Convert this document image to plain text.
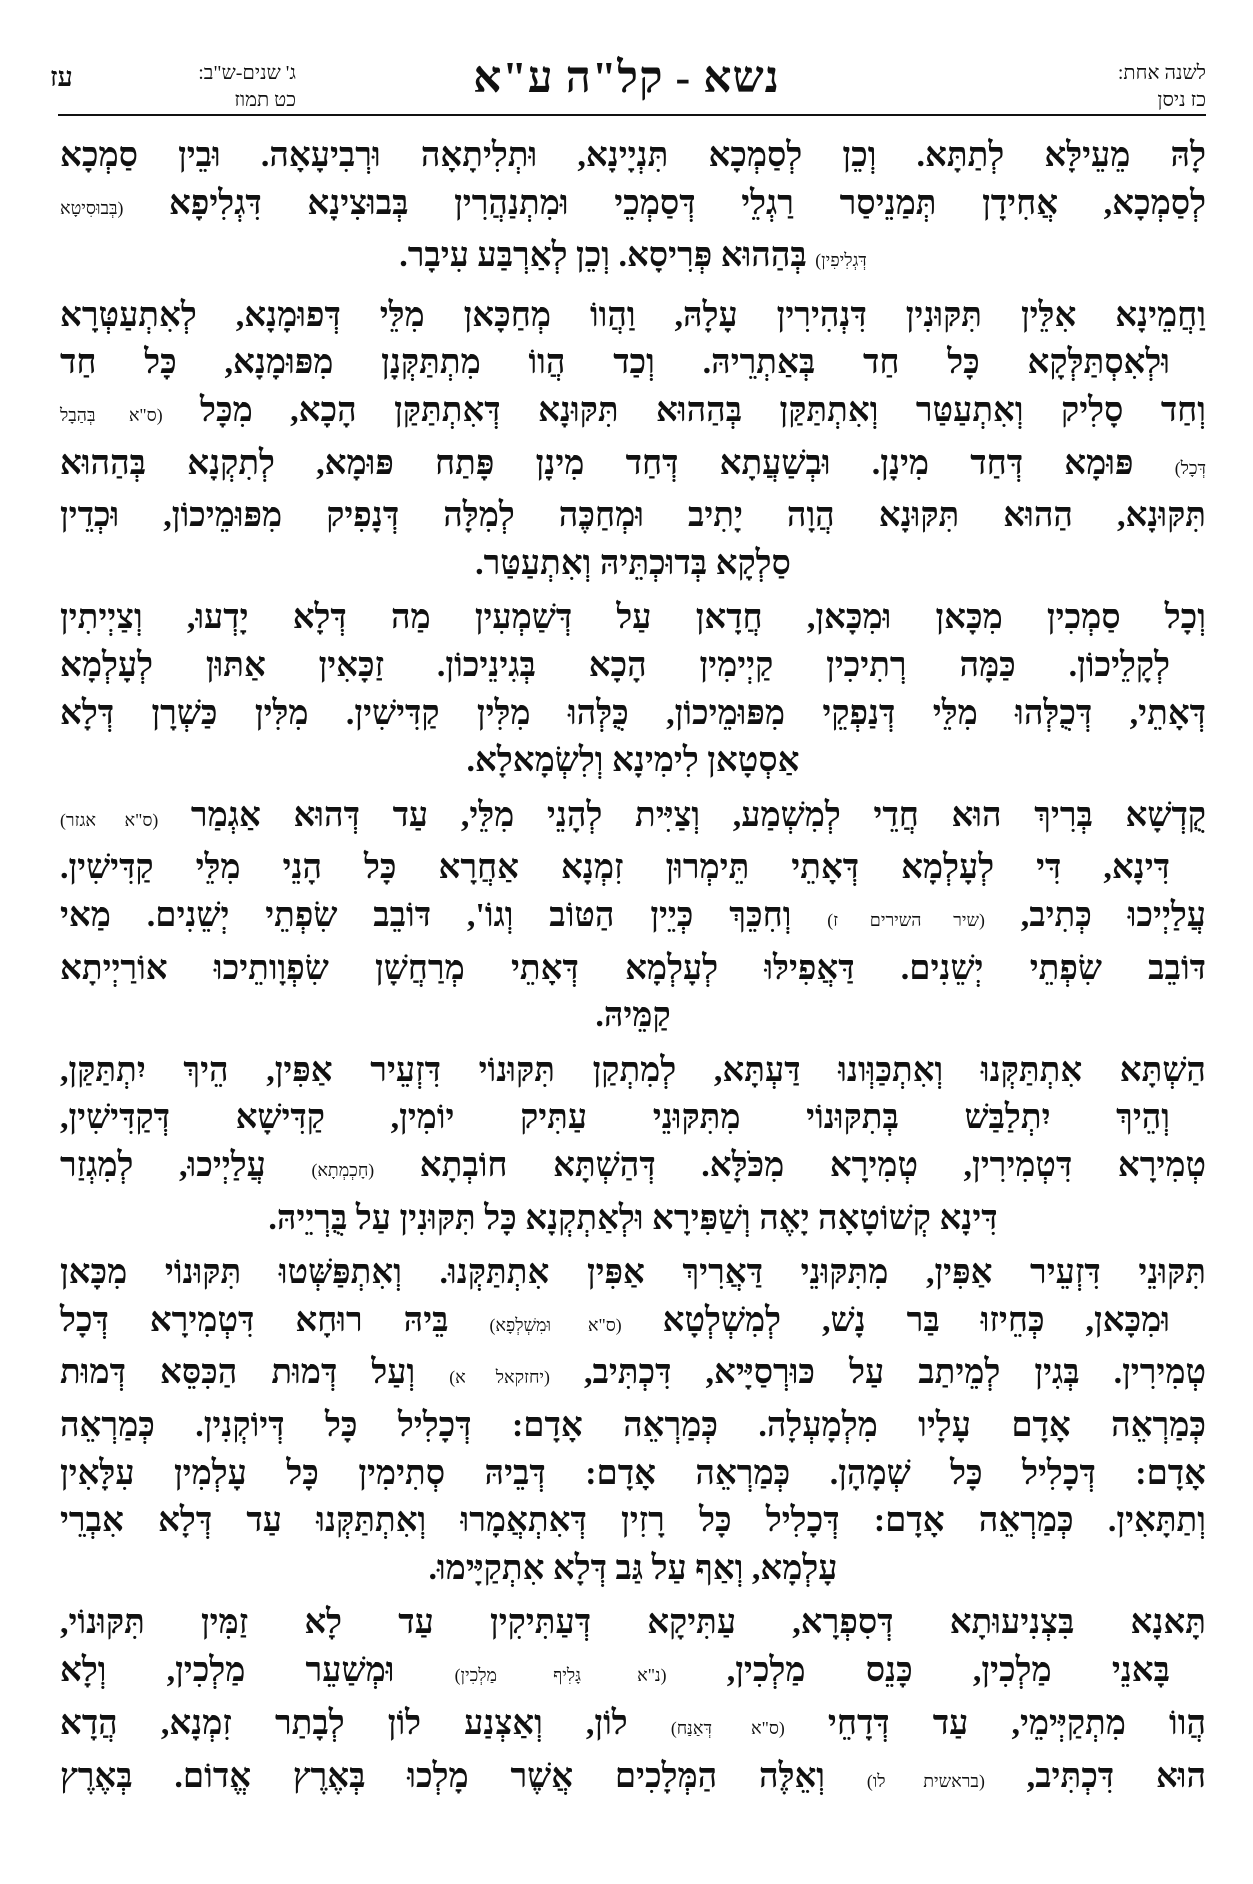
עז	ג' שנים-ש"ב:
כט תמוז	נשא - קל"ה ע"א	לשנה אחת:
כז ניסן
לָהּ מֵעֵילָּא לְתַתָּא. וְכֵן לְסַמְכָא תִּנְיָינָא, וּתְלִיתָאָה וּרְבִיעָאָה. וּבֵין סַמְכָא
לְסַמְכָא, אֲחִידָן תְּמַנֵיסַר רַגְלֵי דְּסַמְכֵי וּמִתְנַהֲרִין בְּבוּצִינָא דִּגְלִיפָא (בְּבוּסִיטָא
דְּגְלִיפִין) בְּהַהוּא פְּרִיסָא. וְכֵן לְאַרְבַּע עִיבָר.
וַחֲמֵינָא אִלֵּין תִּקּוּנִין דִּנְהִירִין עָלָהּ, וַהֲווֹ מְחַכָּאן מִלֵּי דְּפוּמָנָא, לְאִתְעַטְּרָא
וּלְאִסְתַּלְּקָא כָּל חַד בְּאַתְרֵיהּ. וְכַד הֲווֹ מִתְתַּקְּנָן מִפּוּמָנָא, כָּל חַד
וְחַד סָלִיק וְאִתְעַטַּר וְאִתְתַּקַּן בְּהַהוּא תִּקּוּנָא דְּאִתְתַּקַּן הָכָא, מִכָּל (ס"א בְּהַבָל
דְּכָל) פּוּמָא דְּחַד מִינָן. וּבְשַׁעֲתָא דְּחַד מִינָן פָּתַח פּוּמָא, לְתִקְנָא בְּהַהוּא
תִּקּוּנָא, הַהוּא תִּקּוּנָא הֲוָה יָתִיב וּמְחַכֶּה לְמִלָּה דְּנָפִיק מִפּוּמֵיכוֹן, וּכְדֵין
סַלְקָא בְּדוּכְתֵּיהּ וְאִתְעַטַּר.
וְכָל סַמְכִין מִכָּאן וּמִכָּאן, חֲדָאן עַל דְּשַׁמְעִין מַה דְּלָא יָדְעוּ, וְצַיְיתִין
לְקָלֵיכוֹן. כַּמָּה רְתִיכִין קַיְימִין הָכָא בְּגִינֵיכוֹן. זַכָּאִין אַתּוּן לְעָלְמָא
דְּאָתֵי, דְּכֻלְּהוּ מִלֵּי דְּנַפְקֵי מִפּוּמֵיכוֹן, כֻּלְּהוּ מִלִּין קַדִּישִׁין. מִלִּין כַּשְׁרָן דְּלָא
אַסְטָאן לִימִינָא וְלִשְׂמָאלָא.
קֻדְשָׁא בְּרִיךְ הוּא חֲדֵי לְמִשְׁמַע, וְצַיִּית לְהָנֵי מִלֵּי, עַד דְּהוּא אַגְמַר (ס"א אגזר)
דִּינָא, דִּי לְעָלְמָא דְּאָתֵי תֵּימְרוּן זִמְנָא אַחֲרָא כָּל הָנֵי מִלֵּי קַדִּישִׁין.
עֲלַיְיכוּ כְּתִיב, (שיר השירים ז) וְחִכֵּךְ כְּיֵין הַטּוֹב וְגוֹ', דּוֹבֵב שִׂפְתֵי יְשֵׁנִים. מַאי
דּוֹבֵב שִׂפְתֵי יְשֵׁנִים. דַּאֲפִילּוּ לְעָלְמָא דְּאָתֵי מְרַחֲשָׁן שִׂפְוָותֵיכוּ אוֹרַיְיתָא
קַמֵּיהּ.
הַשְׁתָּא אִתְתַּקְּנוּ וְאִתְכַּוְּונוּ דַּעְתָּא, לְמִתְקַן תִּקּוּנוֹי דִּזְעֵיר אַפִּין, הֵיךְ יִתְתַּקַּן,
וְהֵיךְ יִתְלַבַּשׁ בְּתִקּוּנוֹי מִתִּקּוּנֵי עַתִּיק יוֹמִין, קַדִּישָׁא דְּקַדִּישִׁין,
טְמִירָא דִּטְמִירִין, טְמִירָא מִכֹּלָּא. דְּהַשְׁתָּא חוֹבְתָא (חָכְמְתָא) עֲלַיְיכוּ, לְמִגְזַר
דִּינָא קְשׁוֹטָאָה יָאֶה וְשַׁפִּירָא וּלְאַתְקְנָא כָּל תִּקּוּנִין עַל בֻּרְיֵיהּ.
תִּקּוּנֵי דִּזְעֵיר אַפִּין, מִתִּקּוּנֵי דַּאֲרִיךְ אַפִּין אִתְתַּקְּנוּ. וְאִתְפַּשְּׁטוּ תִּקּוּנוֹי מִכָּאן
וּמִכָּאן, כְּחֵיזוּ בַּר נָשׁ, לְמִשְׁלְטָא (ס"א וּמִשְׁלְפָא) בֵּיהּ רוּחָא דִּטְמִירָא דְּכָל
טְמִירִין. בְּגִין לְמֵיתַב עַל כּוּרְסַיָּיא, דִּכְתִּיב, (יחזקאל א) וְעַל דְּמוּת הַכִּסֵּא דְּמוּת
כְּמַרְאֵה אָדָם עָלָיו מִלְמָעְלָה. כְּמַרְאֵה אָדָם: דְּכָלִיל כָּל דְּיוֹקְנִין. כְּמַרְאֵה
אָדָם: דְּכָלִיל כָּל שְׁמָהָן. כְּמַרְאֵה אָדָם: דְּבֵיהּ סְתִימִין כָּל עָלְמִין עִלָּאִין
וְתַתָּאִין. כְּמַרְאֵה אָדָם: דְּכָלִיל כָּל רָזִין דְּאִתְאֲמָרוּ וְאִתְתַּקְּנוּ עַד דְּלָא אִבְרֵי
עָלְמָא, וְאַף עַל גַּב דְּלָא אִתְקַיָּימוּ.
תָּאנָא בִּצְנִיעוּתָא דְּסִפְרָא, עַתִּיקָא דְּעַתִּיקִין עַד לָא זַמִּין תִּקּוּנוֹי,
בָּאנֵי מַלְכִין, כָּנֵס מַלְכִין, (נ"א גָּלִיף מַלְכִין) וּמְשַׁעֵר מַלְכִין, וְלָא
הֲווֹ מִתְקַיְּימֵי, עַד דְּדָחֵי (ס"א דְּאַנַּח) לוֹן, וְאַצְנַע לוֹן לְבָתַר זִמְנָא, הֲדָא
הוּא דִּכְתִּיב, (בראשית לו) וְאֵלֶּה הַמְּלָכִים אֲשֶׁר מָלְכוּ בְּאֶרֶץ אֱדוֹם. בְּאֶרֶץ
